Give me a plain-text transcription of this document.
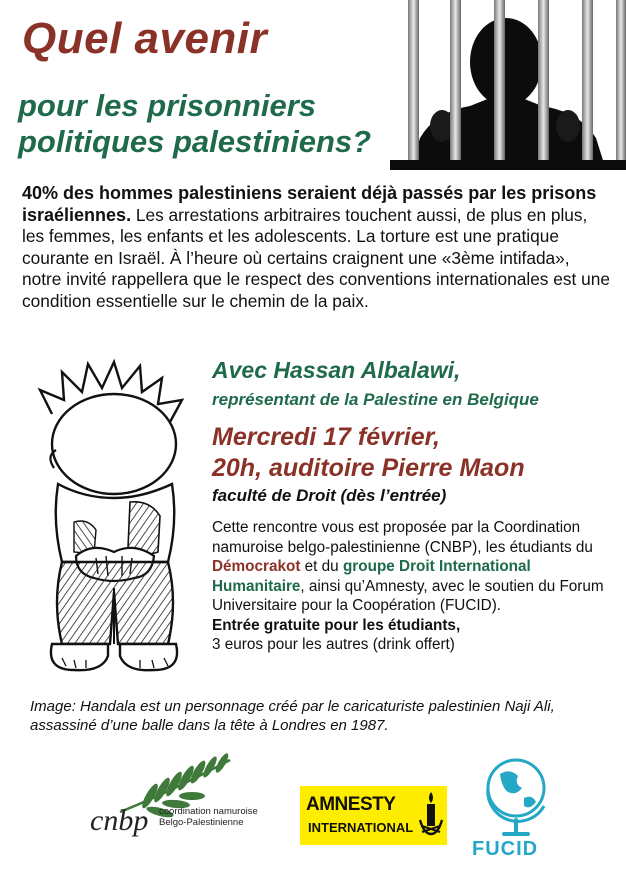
Quel avenir
pour les prisonniers
politiques palestiniens?
40% des hommes palestiniens seraient déjà passés par les prisons israéliennes. Les arrestations arbitraires touchent aussi, de plus en plus, les femmes, les enfants et les adolescents. La torture est une pratique courante en Israël. À l’heure où certains craignent une «3ème intifada», notre invité rappellera que le respect des conventions internationales est une condition essentielle sur le chemin de la paix.
Avec Hassan Albalawi,
représentant de la Palestine en Belgique
Mercredi 17 février,
20h, auditoire Pierre Maon
faculté de Droit (dès l’entrée)
Cette rencontre vous est proposée par la Coordination namuroise belgo-palestinienne (CNBP), les étudiants du Démocrakot et du groupe Droit International Humanitaire, ainsi qu’Amnesty, avec le soutien du Forum Universitaire pour la Coopération (FUCID).
Entrée gratuite pour les étudiants,
3 euros pour les autres (drink offert)
Image: Handala est un personnage créé par le caricaturiste palestinien Naji Ali, assassiné d’une balle dans la tête à Londres en 1987.
cnbp coordination namuroise
Belgo-Palestinienne
AMNESTY
INTERNATIONAL
FUCID
